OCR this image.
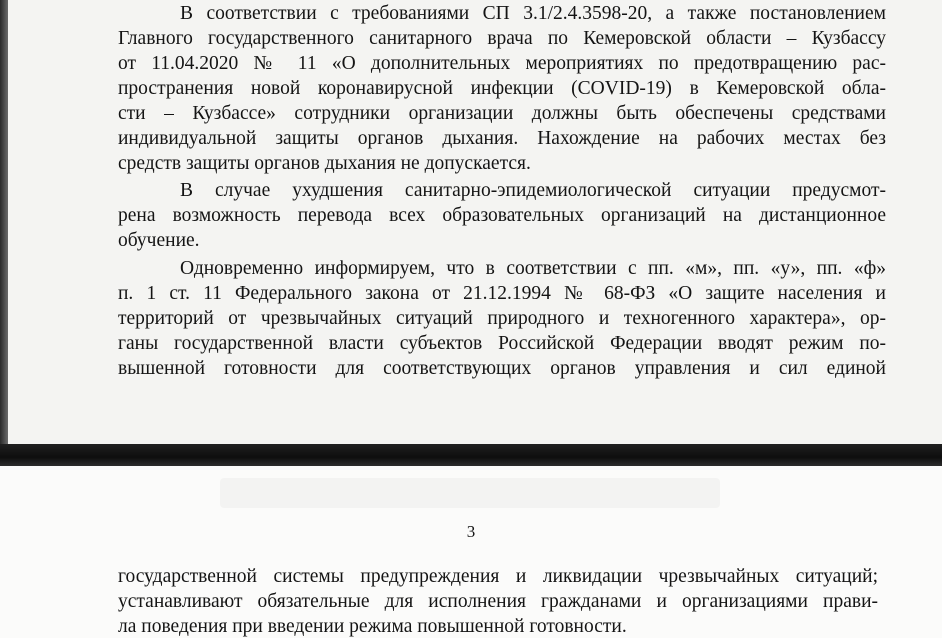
В соответствии с требованиями СП 3.1/2.4.3598-20, а также постановлением
Главного государственного санитарного врача по Кемеровской области – Кузбассу
от 11.04.2020 № 11 «О дополнительных мероприятиях по предотвращению рас-
пространения новой коронавирусной инфекции (COVID-19) в Кемеровской обла-
сти – Кузбассе» сотрудники организации должны быть обеспечены средствами
индивидуальной защиты органов дыхания. Нахождение на рабочих местах без
средств защиты органов дыхания не допускается.
В случае ухудшения санитарно-эпидемиологической ситуации предусмот-
рена возможность перевода всех образовательных организаций на дистанционное
обучение.
Одновременно информируем, что в соответствии с пп. «м», пп. «у», пп. «ф»
п. 1 ст. 11 Федерального закона от 21.12.1994 № 68-ФЗ «О защите населения и
территорий от чрезвычайных ситуаций природного и техногенного характера», ор-
ганы государственной власти субъектов Российской Федерации вводят режим по-
вышенной готовности для соответствующих органов управления и сил единой
3
государственной системы предупреждения и ликвидации чрезвычайных ситуаций;
устанавливают обязательные для исполнения гражданами и организациями прави-
ла поведения при введении режима повышенной готовности.
